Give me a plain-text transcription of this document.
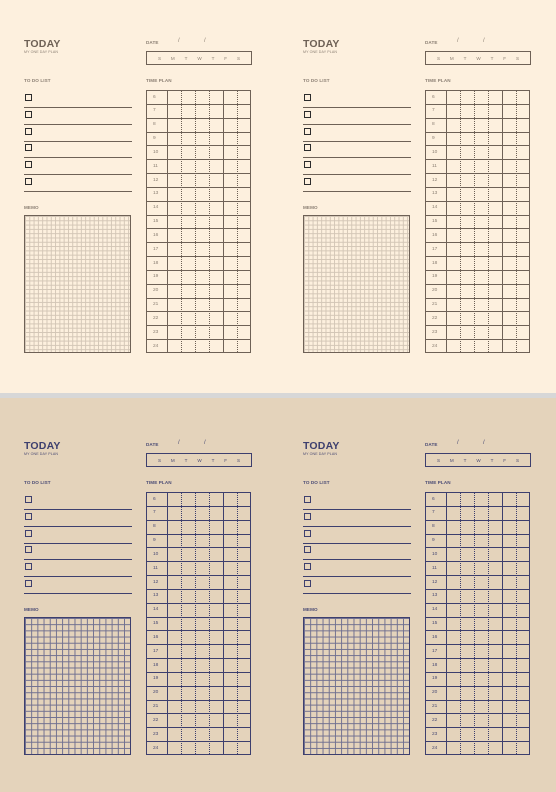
TODAY
MY ONE DAY PLAN
DATE	/	/
S M T W T F S
TO DO LIST
MEMO
TIME PLAN
6
7
8
9
10
11
12
13
14
15
16
17
18
19
20
21
22
23
24
TODAY
MY ONE DAY PLAN
DATE	/	/
S M T W T F S
TO DO LIST
MEMO
TIME PLAN
6
7
8
9
10
11
12
13
14
15
16
17
18
19
20
21
22
23
24
TODAY
MY ONE DAY PLAN
DATE	/	/
S M T W T F S
TO DO LIST
MEMO
TIME PLAN
6
7
8
9
10
11
12
13
14
15
16
17
18
19
20
21
22
23
24
TODAY
MY ONE DAY PLAN
DATE	/	/
S M T W T F S
TO DO LIST
MEMO
TIME PLAN
6
7
8
9
10
11
12
13
14
15
16
17
18
19
20
21
22
23
24
